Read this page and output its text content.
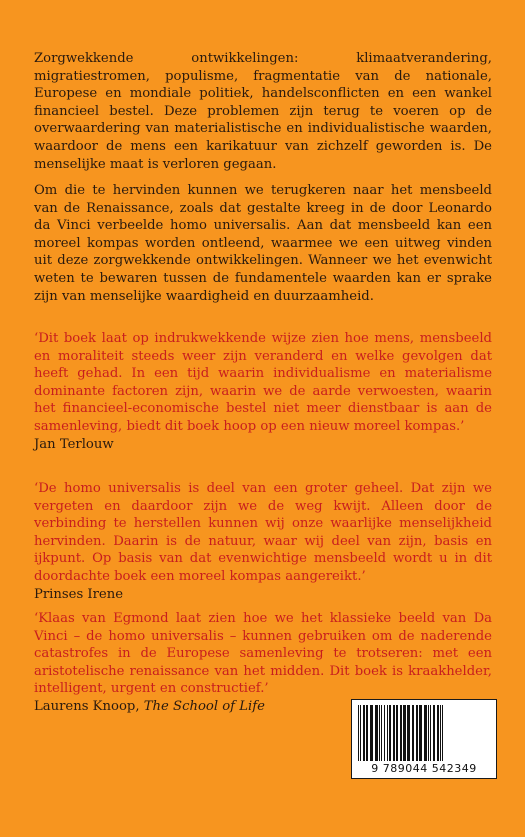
Zorgwekkende ontwikkelingen: klimaatverandering, migratiestromen, populisme, fragmentatie van de nationale, Europese en mondiale politiek, handelsconflicten en een wankel financieel bestel. Deze problemen zijn terug te voeren op de overwaardering van materialistische en individualistische waarden, waardoor de mens een karikatuur van zichzelf geworden is. De menselijke maat is verloren gegaan.

Om die te hervinden kunnen we terugkeren naar het mensbeeld van de Renaissance, zoals dat gestalte kreeg in de door Leonardo da Vinci verbeelde homo universalis. Aan dat mensbeeld kan een moreel kompas worden ontleend, waarmee we een uitweg vinden uit deze zorgwekkende ontwikkelingen. Wanneer we het evenwicht weten te bewaren tussen de fundamentele waarden kan er sprake zijn van menselijke waardigheid en duurzaamheid.

‘Dit boek laat op indrukwekkende wijze zien hoe mens, mensbeeld en moraliteit steeds weer zijn veranderd en welke gevolgen dat heeft gehad. In een tijd waarin individualisme en materialisme dominante factoren zijn, waarin we de aarde verwoesten, waarin het financieel-economische bestel niet meer dienstbaar is aan de samenleving, biedt dit boek hoop op een nieuw moreel kompas.’
Jan Terlouw
‘De homo universalis is deel van een groter geheel. Dat zijn we vergeten en daardoor zijn we de weg kwijt. Alleen door de verbinding te herstellen kunnen wij onze waarlijke menselijkheid hervinden. Daarin is de natuur, waar wij deel van zijn, basis en ijkpunt. Op basis van dat evenwichtige mensbeeld wordt u in dit doordachte boek een moreel kompas aangereikt.’
Prinses Irene
‘Klaas van Egmond laat zien hoe we het klassieke beeld van Da Vinci – de homo universalis – kunnen gebruiken om de naderende catastrofes in de Europese samenleving te trotseren: met een aristotelische renaissance van het midden. Dit boek is kraakhelder, intelligent, urgent en constructief.’
Laurens Knoop, The School of Life
9 789044 542349
